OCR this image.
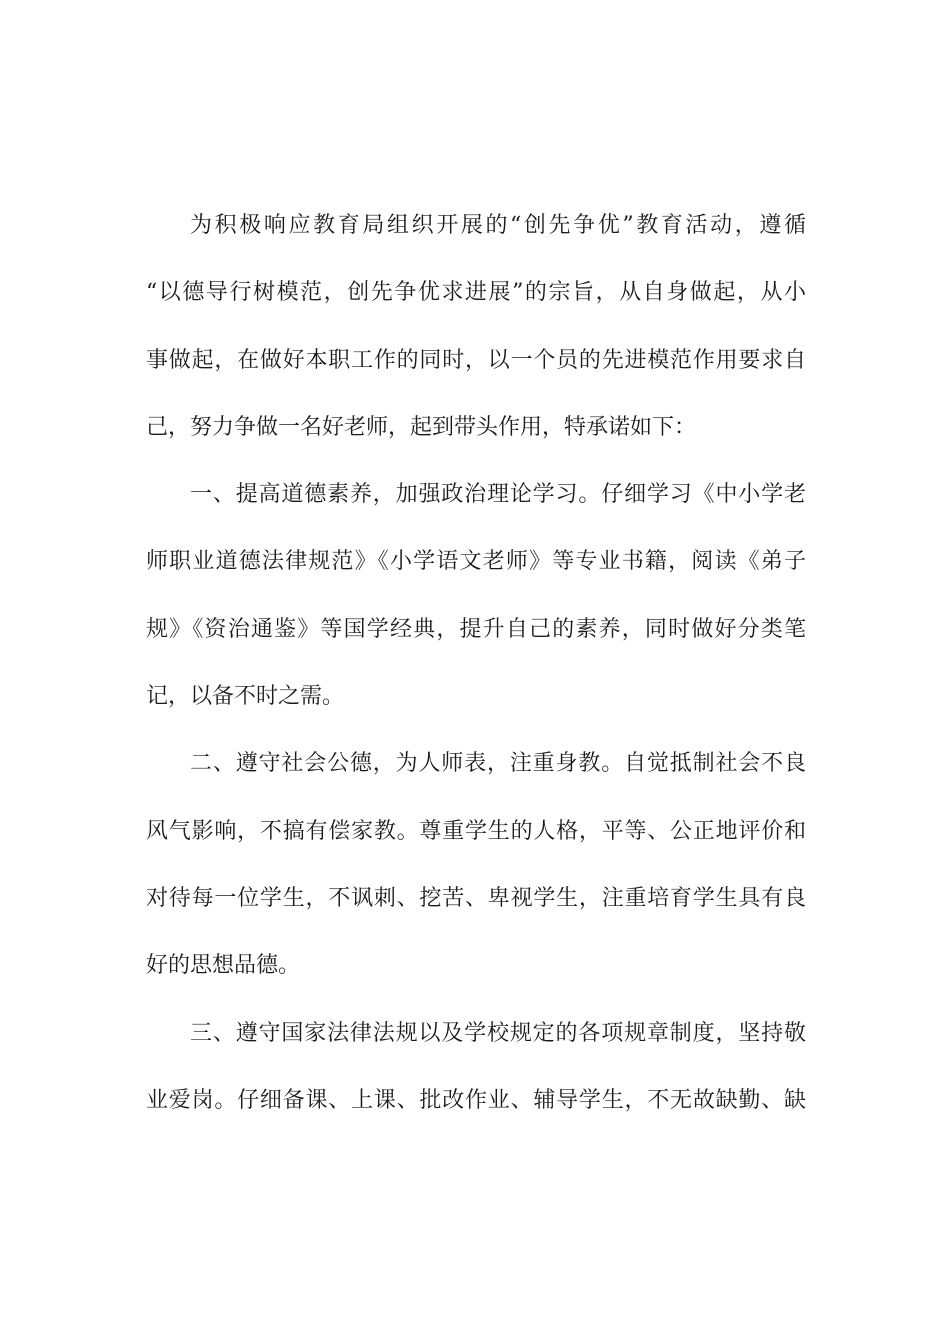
为积极响应教育局组织开展的“创先争优”教育活动，遵循
“以德导行树模范，创先争优求进展”的宗旨，从自身做起，从小
事做起，在做好本职工作的同时，以一个员的先进模范作用要求自
己，努力争做一名好老师，起到带头作用，特承诺如下：
一、提高道德素养，加强政治理论学习。仔细学习《中小学老
师职业道德法律规范》《小学语文老师》等专业书籍，阅读《弟子
规》《资治通鉴》等国学经典，提升自己的素养，同时做好分类笔
记，以备不时之需。
二、遵守社会公德，为人师表，注重身教。自觉抵制社会不良
风气影响，不搞有偿家教。尊重学生的人格，平等、公正地评价和
对待每一位学生，不讽刺、挖苦、卑视学生，注重培育学生具有良
好的思想品德。
三、遵守国家法律法规以及学校规定的各项规章制度，坚持敬
业爱岗。仔细备课、上课、批改作业、辅导学生，不无故缺勤、缺
